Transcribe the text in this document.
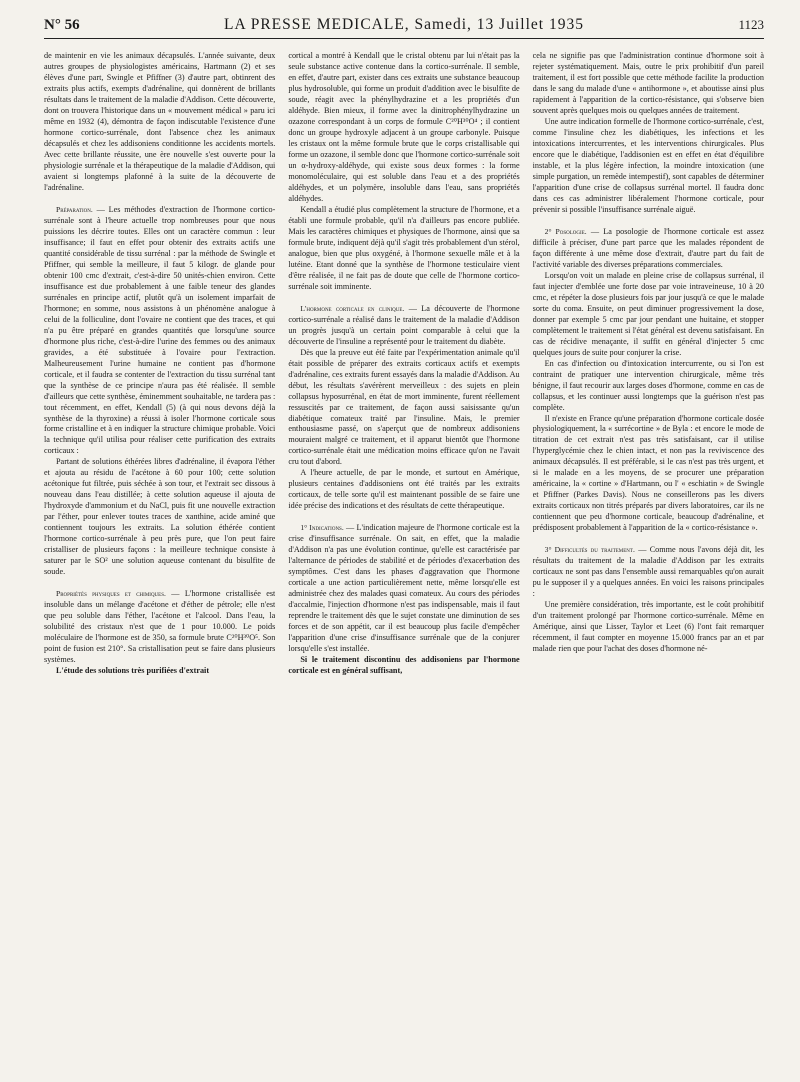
N° 56	LA PRESSE MEDICALE, Samedi, 13 Juillet 1935	1123

de maintenir en vie les animaux décapsulés. L'année suivante, deux autres groupes de physiologistes américains, Hartmann (2) et ses élèves d'une part, Swingle et Pfiffner (3) d'autre part, obtinrent des extraits plus actifs, exempts d'adrénaline, qui donnèrent de brillants résultats dans le traitement de la maladie d'Addison. Cette découverte, dont on trouvera l'historique dans un « mouvement médical » paru ici même en 1932 (4), démontra de façon indiscutable l'existence d'une hormone cortico-surrénale, dont l'absence chez les animaux décapsulés et chez les addisoniens conditionne les accidents mortels. Avec cette brillante réussite, une ère nouvelle s'est ouverte pour la physiologie surrénale et la thérapeutique de la maladie d'Addison, qui avaient si longtemps plafonné à la suite de la découverte de l'adrénaline.

Préparation. — Les méthodes d'extraction de l'hormone cortico-surrénale sont à l'heure actuelle trop nombreuses pour que nous puissions les décrire toutes. Elles ont un caractère commun : leur insuffisance; il faut en effet pour obtenir des extraits actifs une quantité considérable de tissu surrénal : par la méthode de Swingle et Pfiffner, qui semble la meilleure, il faut 5 kilogr. de glande pour obtenir 100 cmc d'extrait, c'est-à-dire 50 unités-chien environ. Cette insuffisance est due probablement à une faible teneur des glandes surrénales en principe actif, plutôt qu'à un isolement imparfait de l'hormone; en somme, nous assistons à un phénomène analogue à celui de la folliculine, dont l'ovaire ne contient que des traces, et qui n'a pu être préparé en grandes quantités que lorsqu'une source d'hormone plus riche, c'est-à-dire l'urine des femmes ou des animaux gravides, a été substituée à l'ovaire pour l'extraction. Malheureusement l'urine humaine ne contient pas d'hormone corticale, et il faudra se contenter de l'extraction du tissu surrénal tant que la synthèse de ce principe n'aura pas été réalisée. Il semble d'ailleurs que cette synthèse, éminemment souhaitable, ne tardera pas : tout récemment, en effet, Kendall (5) (à qui nous devons déjà la synthèse de la thyroxine) a réussi à isoler l'hormone corticale sous forme cristalline et à en indiquer la structure chimique probable. Voici la technique qu'il utilisa pour réaliser cette purification des extraits corticaux :

Partant de solutions éthérées libres d'adrénaline, il évapora l'éther et ajouta au résidu de l'acétone à 60 pour 100; cette solution acétonique fut filtrée, puis séchée à son tour, et l'extrait sec dissous à nouveau dans l'eau distillée; à cette solution aqueuse il ajouta de l'hydroxyde d'ammonium et du NaCl, puis fit une nouvelle extraction par l'éther, pour enlever toutes traces de xanthine, acide aminé que contiennent toujours les extraits. La solution éthérée contient l'hormone cortico-surrénale à peu près pure, que l'on peut faire cristalliser de plusieurs façons : la meilleure technique consiste à saturer par le SO² une solution aqueuse contenant du bisulfite de soude.

Propriétés physiques et chimiques. — L'hormone cristallisée est insoluble dans un mélange d'acétone et d'éther de pétrole; elle n'est que peu soluble dans l'éther, l'acétone et l'alcool. Dans l'eau, la solubilité des cristaux n'est que de 1 pour 10.000. Le poids moléculaire de l'hormone est de 350, sa formule brute C²⁰H³⁰O⁵. Son point de fusion est 210°. Sa cristallisation peut se faire dans plusieurs systèmes.

L'étude des solutions très purifiées d'extrait

cortical a montré à Kendall que le cristal obtenu par lui n'était pas la seule substance active contenue dans la cortico-surrénale. Il semble, en effet, d'autre part, exister dans ces extraits une substance beaucoup plus hydrosoluble, qui forme un produit d'addition avec le bisulfite de soude, réagit avec la phénylhydrazine et a les propriétés d'un aldéhyde. Bien mieux, il forme avec la dinitrophénylhydrazine un ozazone correspondant à un corps de formule C²⁰H³⁰O⁴ ; il contient donc un groupe hydroxyle adjacent à un groupe carbonyle. Puisque les cristaux ont la même formule brute que le corps cristallisable qui forme un ozazone, il semble donc que l'hormone cortico-surrénale soit un α-hydroxy-aldéhyde, qui existe sous deux formes : la forme monomoléculaire, qui est soluble dans l'eau et a des propriétés aldéhydes, et un polymère, insoluble dans l'eau, sans propriétés aldéhydes.

Kendall a étudié plus complètement la structure de l'hormone, et a établi une formule probable, qu'il n'a d'ailleurs pas encore publiée. Mais les caractères chimiques et physiques de l'hormone, ainsi que sa formule brute, indiquent déjà qu'il s'agit très probablement d'un stérol, analogue, bien que plus oxygéné, à l'hormone sexuelle mâle et à la lutéine. Etant donné que la synthèse de l'hormone testiculaire vient d'être réalisée, il ne fait pas de doute que celle de l'hormone cortico-surrénale soit imminente.

L'hormone corticale en clinique. — La découverte de l'hormone cortico-surrénale a réalisé dans le traitement de la maladie d'Addison un progrès jusqu'à un certain point comparable à celui que la découverte de l'insuline a représenté pour le traitement du diabète.

Dès que la preuve eut été faite par l'expérimentation animale qu'il était possible de préparer des extraits corticaux actifs et exempts d'adrénaline, ces extraits furent essayés dans la maladie d'Addison. Au début, les résultats s'avérèrent merveilleux : des sujets en plein collapsus hyposurrénal, en état de mort imminente, furent réellement ressuscités par ce traitement, de façon aussi saisissante qu'un diabétique comateux traité par l'insuline. Mais, le premier enthousiasme passé, on s'aperçut que de nombreux addisoniens mouraient malgré ce traitement, et il apparut bientôt que l'hormone cortico-surrénale était une médication moins efficace qu'on ne l'avait cru tout d'abord.

A l'heure actuelle, de par le monde, et surtout en Amérique, plusieurs centaines d'addisoniens ont été traités par les extraits corticaux, de telle sorte qu'il est maintenant possible de se faire une idée précise des indications et des résultats de cette thérapeutique.

1° Indications. — L'indication majeure de l'hormone corticale est la crise d'insuffisance surrénale. On sait, en effet, que la maladie d'Addison n'a pas une évolution continue, qu'elle est caractérisée par l'alternance de périodes de stabilité et de périodes d'exacerbation des symptômes. C'est dans les phases d'aggravation que l'hormone corticale a une action particulièrement nette, même lorsqu'elle est administrée chez des malades quasi comateux. Au cours des périodes d'accalmie, l'injection d'hormone n'est pas indispensable, mais il faut reprendre le traitement dès que le sujet constate une diminution de ses forces et de son appétit, car il est beaucoup plus facile d'empêcher l'apparition d'une crise d'insuffisance surrénale que de la conjurer lorsqu'elle s'est installée.

Si le traitement discontinu des addisoniens par l'hormone corticale est en général suffisant,

cela ne signifie pas que l'administration continue d'hormone soit à rejeter systématiquement. Mais, outre le prix prohibitif d'un pareil traitement, il est fort possible que cette méthode facilite la production dans le sang du malade d'une « antihormone », et aboutisse ainsi plus rapidement à l'apparition de la cortico-résistance, qui s'observe bien souvent après quelques mois ou quelques années de traitement.

Une autre indication formelle de l'hormone cortico-surrénale, c'est, comme l'insuline chez les diabétiques, les infections et les intoxications intercurrentes, et les interventions chirurgicales. Plus encore que le diabétique, l'addisonien est en effet en état d'équilibre instable, et la plus légère infection, la moindre intoxication (une simple purgation, un remède intempestif), sont capables de déterminer l'apparition d'une crise de collapsus surrénal mortel. Il faudra donc dans ces cas administrer libéralement l'hormone corticale, pour prévenir si possible l'insuffisance surrénale aiguë.

2° Posologie. — La posologie de l'hormone corticale est assez difficile à préciser, d'une part parce que les malades répondent de façon différente à une même dose d'extrait, d'autre part du fait de l'activité variable des diverses préparations commerciales.

Lorsqu'on voit un malade en pleine crise de collapsus surrénal, il faut injecter d'emblée une forte dose par voie intraveineuse, 10 à 20 cmc, et répéter la dose plusieurs fois par jour jusqu'à ce que le malade sorte du coma. Ensuite, on peut diminuer progressivement la dose, donner par exemple 5 cmc par jour pendant une huitaine, et stopper complètement le traitement si l'état général est devenu satisfaisant. En cas de récidive menaçante, il suffit en général d'injecter 5 cmc quelques jours de suite pour conjurer la crise.

En cas d'infection ou d'intoxication intercurrente, ou si l'on est contraint de pratiquer une intervention chirurgicale, même très bénigne, il faut recourir aux larges doses d'hormone, comme en cas de collapsus, et les continuer aussi longtemps que la guérison n'est pas complète.

Il n'existe en France qu'une préparation d'hormone corticale dosée physiologiquement, la « surrécortine » de Byla : et encore le mode de titration de cet extrait n'est pas très satisfaisant, car il utilise l'hyperglycémie chez le chien intact, et non pas la reviviscence des animaux décapsulés. Il est préférable, si le cas n'est pas très urgent, et si le malade en a les moyens, de se procurer une préparation américaine, la « cortine » d'Hartmann, ou l' « eschiatin » de Swingle et Pfiffner (Parkes Davis). Nous ne conseillerons pas les divers extraits corticaux non titrés préparés par divers laboratoires, car ils ne contiennent que peu d'hormone corticale, beaucoup d'adrénaline, et prédisposent probablement à l'apparition de la « cortico-résistance ».

3° Difficultés du traitement. — Comme nous l'avons déjà dit, les résultats du traitement de la maladie d'Addison par les extraits corticaux ne sont pas dans l'ensemble aussi remarquables qu'on aurait pu le supposer il y a quelques années. En voici les raisons principales :

Une première considération, très importante, est le coût prohibitif d'un traitement prolongé par l'hormone cortico-surrénale. Même en Amérique, ainsi que Lisser, Taylor et Leet (6) l'ont fait remarquer récemment, il faut compter en moyenne 15.000 francs par an et par malade rien que pour l'achat des doses d'hormone né-
